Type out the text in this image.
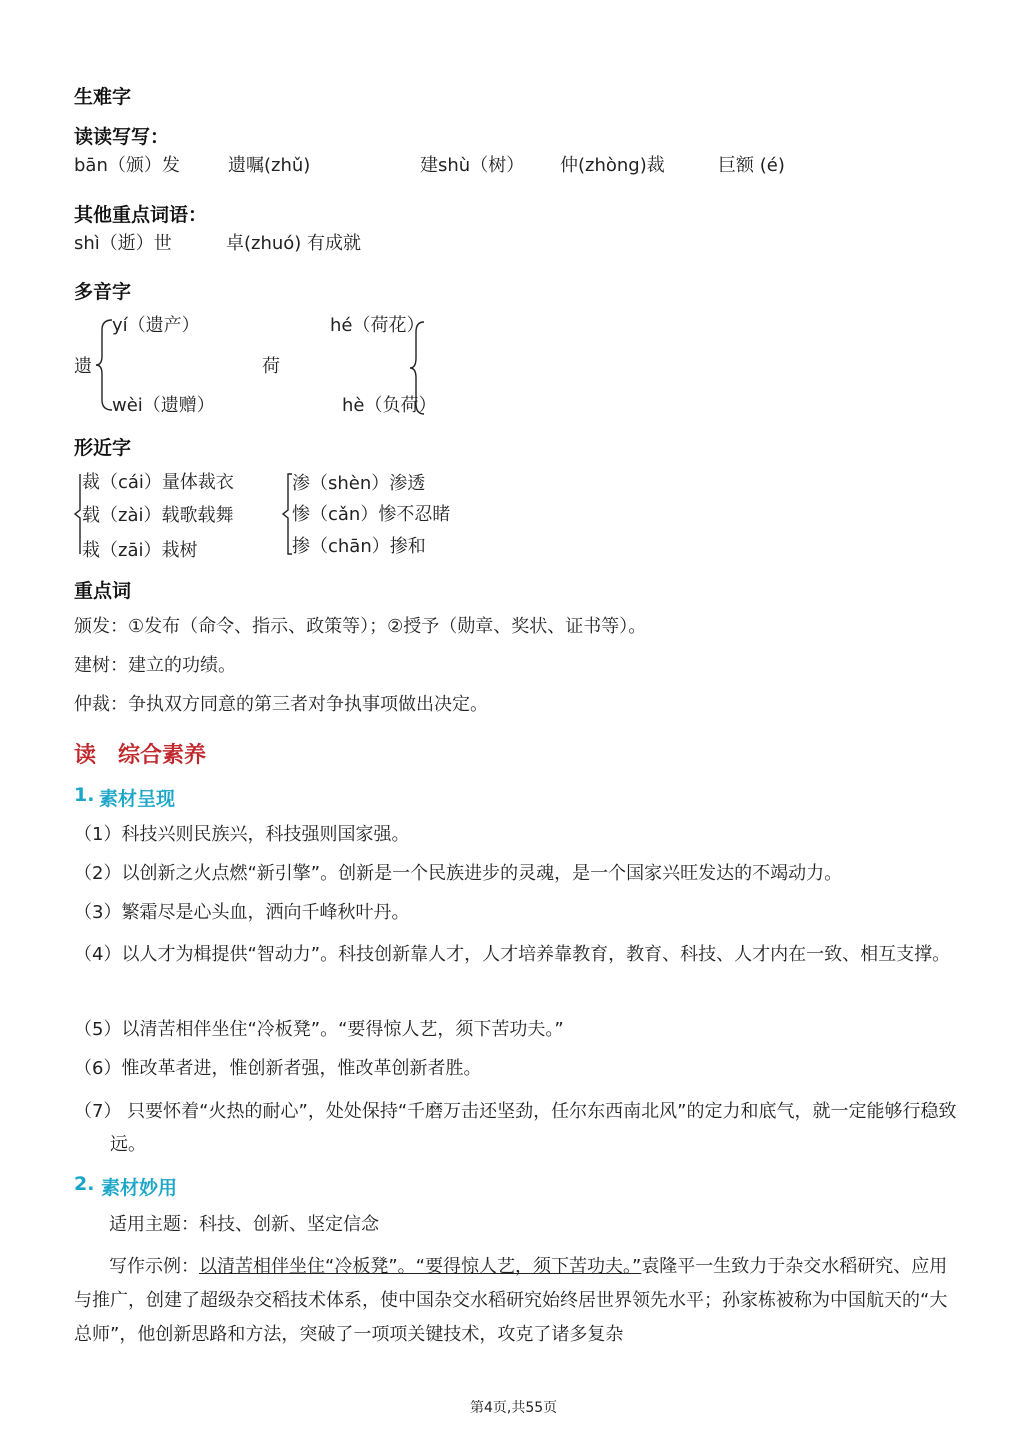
生难字
读读写写：
bān（颁）发	遗嘱(zhǔ)	建shù（树） 仲(zhòng)裁	巨额 (é)
其他重点词语：
shì（逝）世	卓(zhuó) 有成就
多音字
遗
yí（遗产）
wèi（遗赠）
荷
hé（荷花）
hè（负荷）
形近字
裁（cái）量体裁衣
载（zài）载歌载舞
栽（zāi）栽树
渗（shèn）渗透
惨（cǎn）惨不忍睹
掺（chān）掺和
重点词
颁发：①发布（命令、指示、政策等）；②授予（勋章、奖状、证书等）。
建树：建立的功绩。
仲裁：争执双方同意的第三者对争执事项做出决定。
读　综合素养
1. 素材呈现
（1）科技兴则民族兴，科技强则国家强。
（2）以创新之火点燃“新引擎”。创新是一个民族进步的灵魂，是一个国家兴旺发达的不竭动力。
（3）繁霜尽是心头血，洒向千峰秋叶丹。
（4）以人才为楫提供“智动力”。科技创新靠人才，人才培养靠教育，教育、科技、人才内在一致、相互支撑。
（5）以清苦相伴坐住“冷板凳”。“要得惊人艺，须下苦功夫。”
（6）惟改革者进，惟创新者强，惟改革创新者胜。
（7） 只要怀着“火热的耐心”，处处保持“千磨万击还坚劲，任尔东西南北风”的定力和底气，就一定能够行稳致远。
2. 素材妙用
适用主题：科技、创新、坚定信念
写作示例：以清苦相伴坐住“冷板凳”。“要得惊人艺，须下苦功夫。”袁隆平一生致力于杂交水稻研究、应用与推广，创建了超级杂交稻技术体系，使中国杂交水稻研究始终居世界领先水平；孙家栋被称为中国航天的“大总师”，他创新思路和方法，突破了一项项关键技术，攻克了诸多复杂
第4页,共55页
